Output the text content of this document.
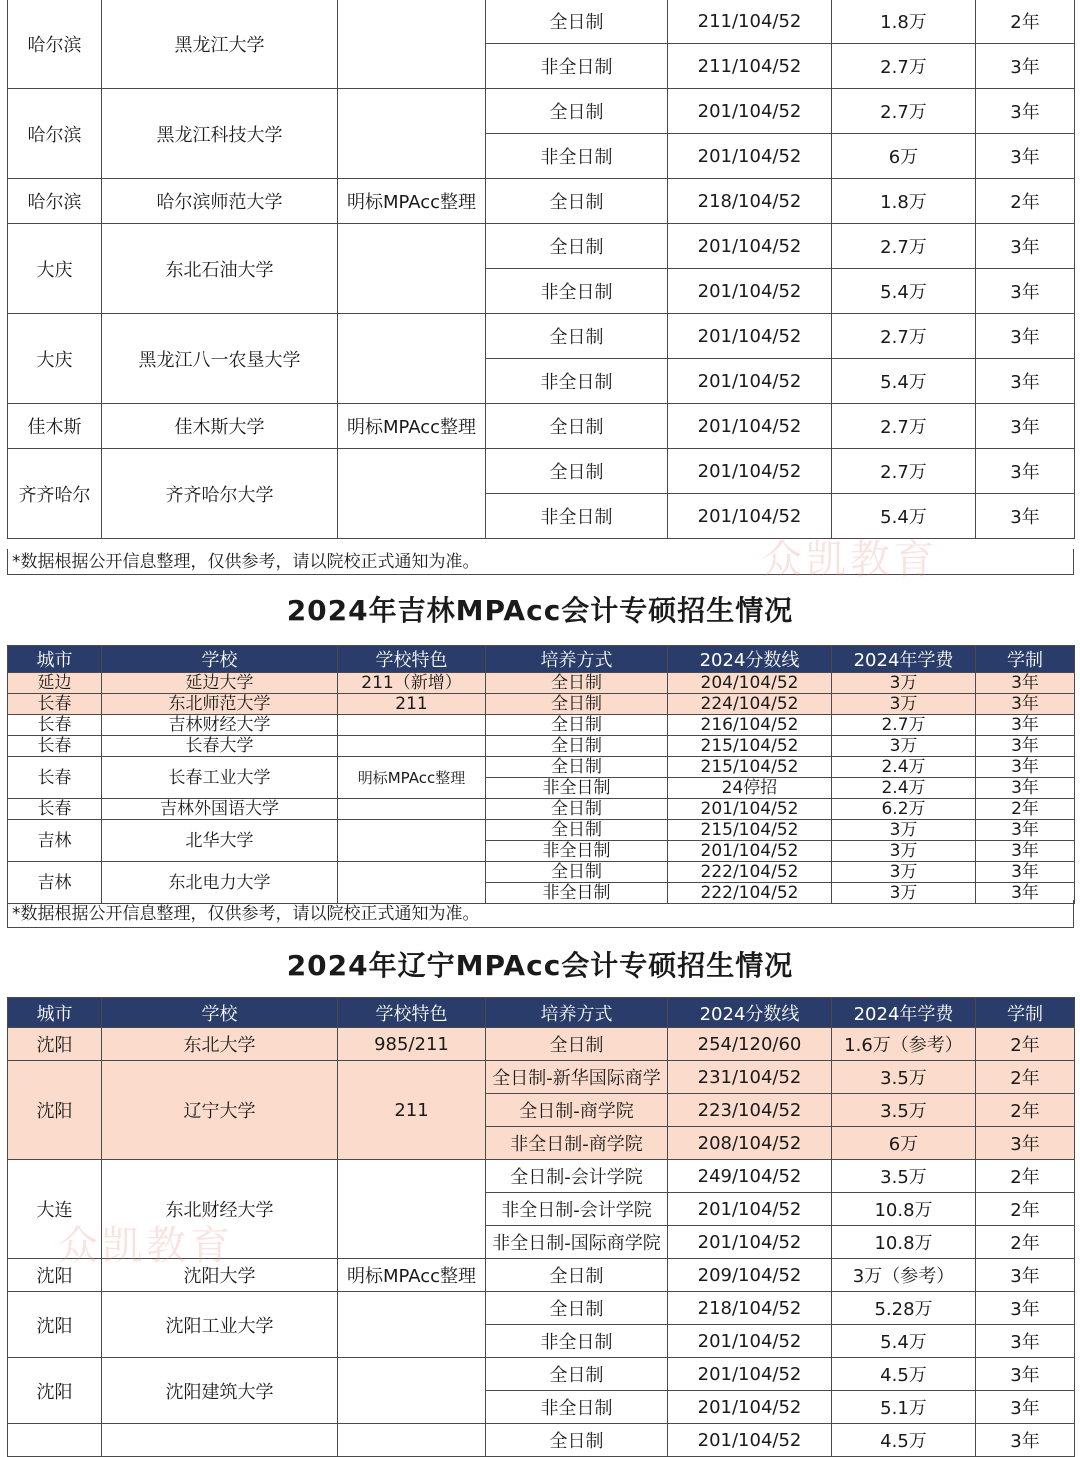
哈尔滨	黑龙江大学		全日制	211/104/52	1.8万	2年
			非全日制	211/104/52	2.7万	3年
哈尔滨	黑龙江科技大学		全日制	201/104/52	2.7万	3年
			非全日制	201/104/52	6万	3年
哈尔滨	哈尔滨师范大学	明标MPAcc整理	全日制	218/104/52	1.8万	2年
大庆	东北石油大学		全日制	201/104/52	2.7万	3年
			非全日制	201/104/52	5.4万	3年
大庆	黑龙江八一农垦大学		全日制	201/104/52	2.7万	3年
			非全日制	201/104/52	5.4万	3年
佳木斯	佳木斯大学	明标MPAcc整理	全日制	201/104/52	2.7万	3年
齐齐哈尔	齐齐哈尔大学		全日制	201/104/52	2.7万	3年
			非全日制	201/104/52	5.4万	3年
*数据根据公开信息整理，仅供参考，请以院校正式通知为准。	众凯教育
2024年吉林MPAcc会计专硕招生情况
城市	学校	学校特色	培养方式	2024分数线	2024年学费	学制
延边	延边大学	211（新增）	全日制	204/104/52	3万	3年
长春	东北师范大学	211	全日制	224/104/52	3万	3年
长春	吉林财经大学		全日制	216/104/52	2.7万	3年
长春	长春大学		全日制	215/104/52	3万	3年
长春	长春工业大学	明标MPAcc整理	全日制	215/104/52	2.4万	3年
			非全日制	24停招	2.4万	3年
长春	吉林外国语大学		全日制	201/104/52	6.2万	2年
吉林	北华大学		全日制	215/104/52	3万	3年
			非全日制	201/104/52	3万	3年
吉林	东北电力大学		全日制	222/104/52	3万	3年
			非全日制	222/104/52	3万	3年
*数据根据公开信息整理，仅供参考，请以院校正式通知为准。
2024年辽宁MPAcc会计专硕招生情况
城市	学校	学校特色	培养方式	2024分数线	2024年学费	学制
沈阳	东北大学	985/211	全日制	254/120/60	1.6万（参考）	2年
沈阳	辽宁大学	211	全日制-新华国际商学	231/104/52	3.5万	2年
			全日制-商学院	223/104/52	3.5万	2年
			非全日制-商学院	208/104/52	6万	3年
大连	东北财经大学		全日制-会计学院	249/104/52	3.5万	2年
			非全日制-会计学院	201/104/52	10.8万	2年
			非全日制-国际商学院	201/104/52	10.8万	2年
沈阳	沈阳大学	明标MPAcc整理	全日制	209/104/52	3万（参考）	3年
沈阳	沈阳工业大学		全日制	218/104/52	5.28万	3年
			非全日制	201/104/52	5.4万	3年
沈阳	沈阳建筑大学		全日制	201/104/52	4.5万	3年
			非全日制	201/104/52	5.1万	3年
			全日制	201/104/52	4.5万	3年
众凯教育
